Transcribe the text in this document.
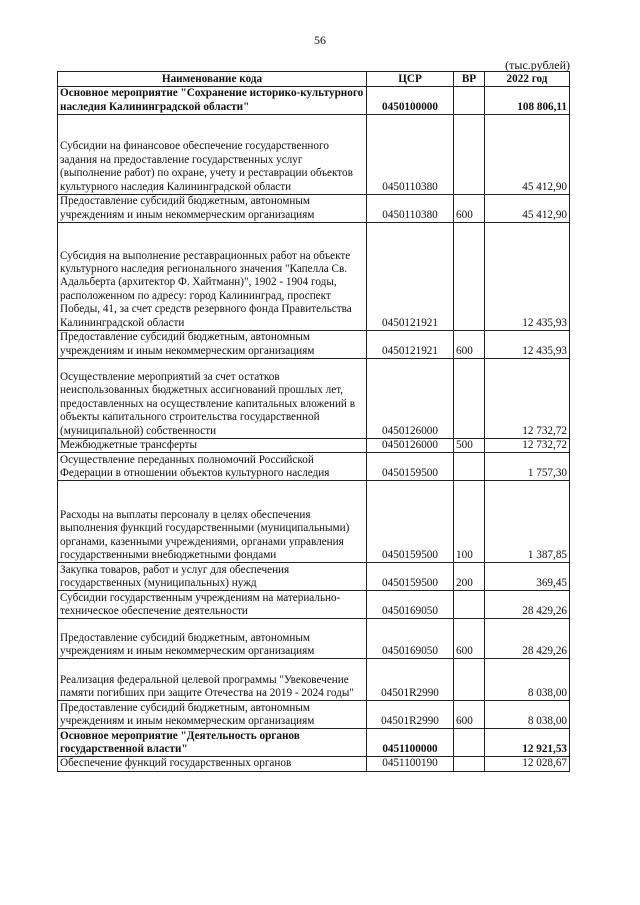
56
(тыс.рублей)
Наименование кода	ЦСР	ВР	2022 год
Основное мероприятие "Сохранение историко-культурного наследия Калининградской области"	0450100000		108 806,11
Субсидии на финансовое обеспечение государственного задания на предоставление государственных услуг (выполнение работ) по охране, учету и реставрации объектов культурного наследия Калининградской области	0450110380		45 412,90
Предоставление субсидий бюджетным, автономным учреждениям и иным некоммерческим организациям	0450110380	600	45 412,90
Субсидия на выполнение реставрационных работ на объекте культурного наследия регионального значения "Капелла Св. Адальберта (архитектор Ф. Хайтманн)", 1902 - 1904 годы, расположенном по адресу: город Калининград, проспект Победы, 41, за счет средств резервного фонда Правительства Калининградской области	0450121921		12 435,93
Предоставление субсидий бюджетным, автономным учреждениям и иным некоммерческим организациям	0450121921	600	12 435,93
Осуществление мероприятий за счет остатков неиспользованных бюджетных ассигнований прошлых лет, предоставленных на осуществление капитальных вложений в объекты капитального строительства государственной (муниципальной) собственности	0450126000		12 732,72
Межбюджетные трансферты	0450126000	500	12 732,72
Осуществление переданных полномочий Российской Федерации в отношении объектов культурного наследия	0450159500		1 757,30
Расходы на выплаты персоналу в целях обеспечения выполнения функций государственными (муниципальными) органами, казенными учреждениями, органами управления государственными внебюджетными фондами	0450159500	100	1 387,85
Закупка товаров, работ и услуг для обеспечения государственных (муниципальных) нужд	0450159500	200	369,45
Субсидии государственным учреждениям на материально-техническое обеспечение деятельности	0450169050		28 429,26
Предоставление субсидий бюджетным, автономным учреждениям и иным некоммерческим организациям	0450169050	600	28 429,26
Реализация федеральной целевой программы "Увековечение памяти погибших при защите Отечества на 2019 - 2024 годы"	04501R2990		8 038,00
Предоставление субсидий бюджетным, автономным учреждениям и иным некоммерческим организациям	04501R2990	600	8 038,00
Основное мероприятие "Деятельность органов государственной власти"	0451100000		12 921,53
Обеспечение функций государственных органов	0451100190		12 028,67
